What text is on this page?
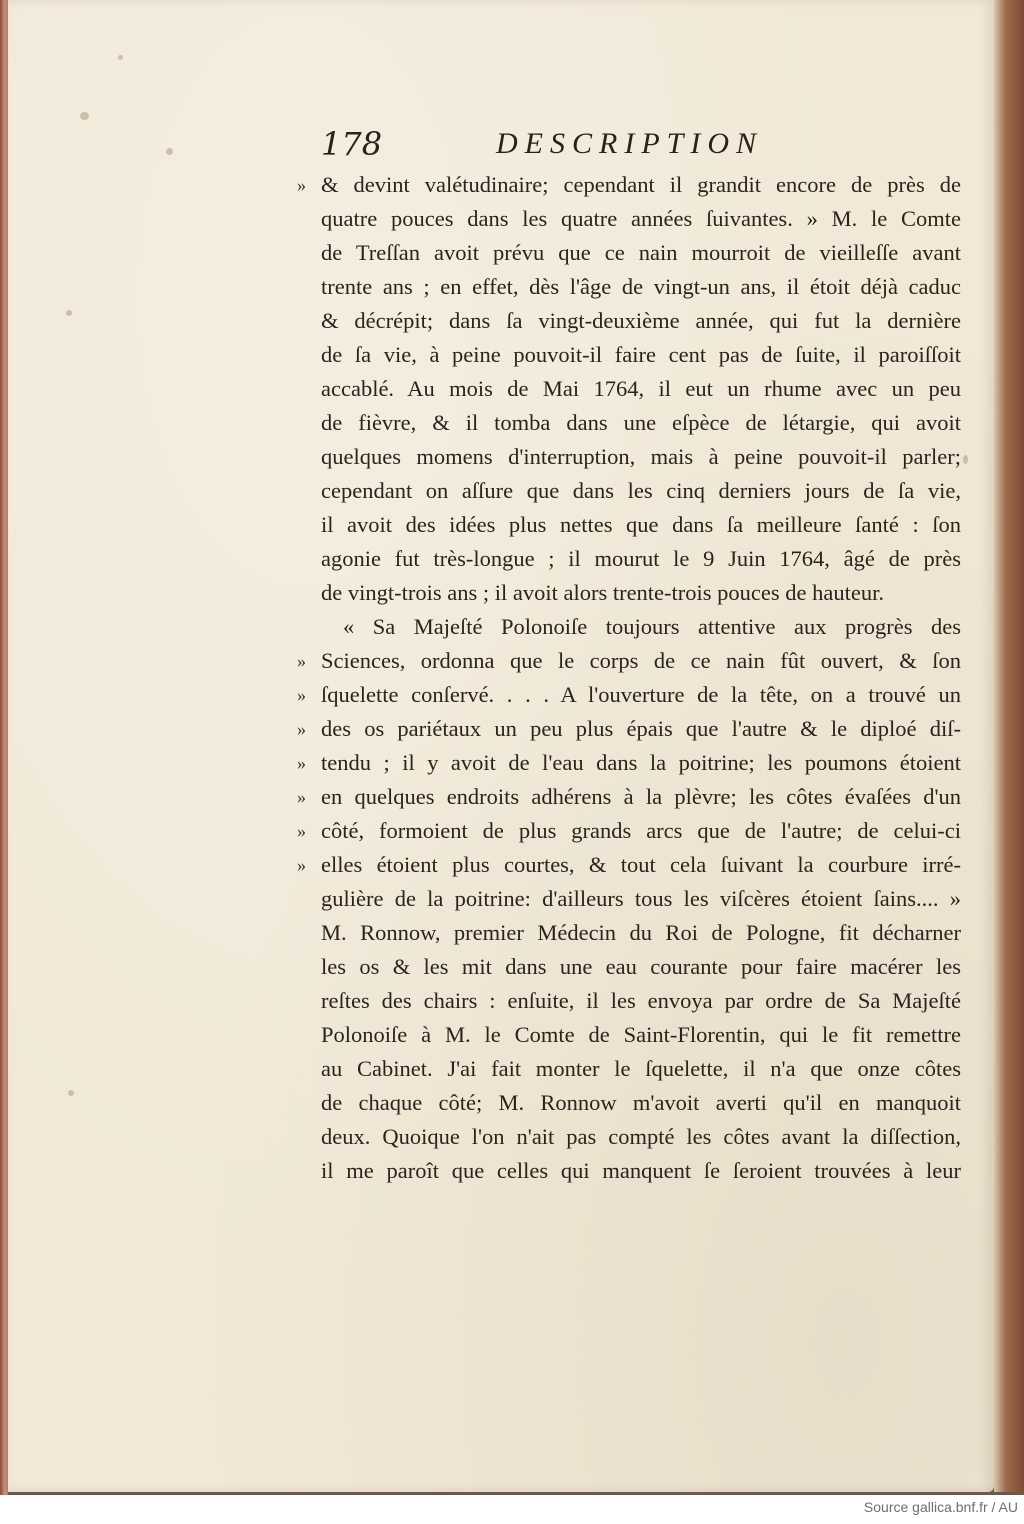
178	DESCRIPTION
» & devint valétudinaire; cependant il grandit encore de près de
quatre pouces dans les quatre années ſuivantes. » M. le Comte
de Treſſan avoit prévu que ce nain mourroit de vieilleſſe avant
trente ans ; en effet, dès l'âge de vingt-un ans, il étoit déjà caduc
& décrépit; dans ſa vingt-deuxième année, qui fut la dernière
de ſa vie, à peine pouvoit-il faire cent pas de ſuite, il paroiſſoit
accablé. Au mois de Mai 1764, il eut un rhume avec un peu
de fièvre, & il tomba dans une eſpèce de létargie, qui avoit
quelques momens d'interruption, mais à peine pouvoit-il parler;
cependant on aſſure que dans les cinq derniers jours de ſa vie,
il avoit des idées plus nettes que dans ſa meilleure ſanté : ſon
agonie fut très-longue ; il mourut le 9 Juin 1764, âgé de près
de vingt-trois ans ; il avoit alors trente-trois pouces de hauteur.
« Sa Majeſté Polonoiſe toujours attentive aux progrès des
» Sciences, ordonna que le corps de ce nain fût ouvert, & ſon
» ſquelette conſervé. . . . A l'ouverture de la tête, on a trouvé un
» des os pariétaux un peu plus épais que l'autre & le diploé diſ-
» tendu ; il y avoit de l'eau dans la poitrine; les poumons étoient
» en quelques endroits adhérens à la plèvre; les côtes évaſées d'un
» côté, formoient de plus grands arcs que de l'autre; de celui-ci
» elles étoient plus courtes, & tout cela ſuivant la courbure irré-
gulière de la poitrine: d'ailleurs tous les viſcères étoient ſains.... »
M. Ronnow, premier Médecin du Roi de Pologne, fit décharner
les os & les mit dans une eau courante pour faire macérer les
reſtes des chairs : enſuite, il les envoya par ordre de Sa Majeſté
Polonoiſe à M. le Comte de Saint-Florentin, qui le fit remettre
au Cabinet. J'ai fait monter le ſquelette, il n'a que onze côtes
de chaque côté; M. Ronnow m'avoit averti qu'il en manquoit
deux. Quoique l'on n'ait pas compté les côtes avant la diſſection,
il me paroît que celles qui manquent ſe ſeroient trouvées à leur
Source gallica.bnf.fr / AU
